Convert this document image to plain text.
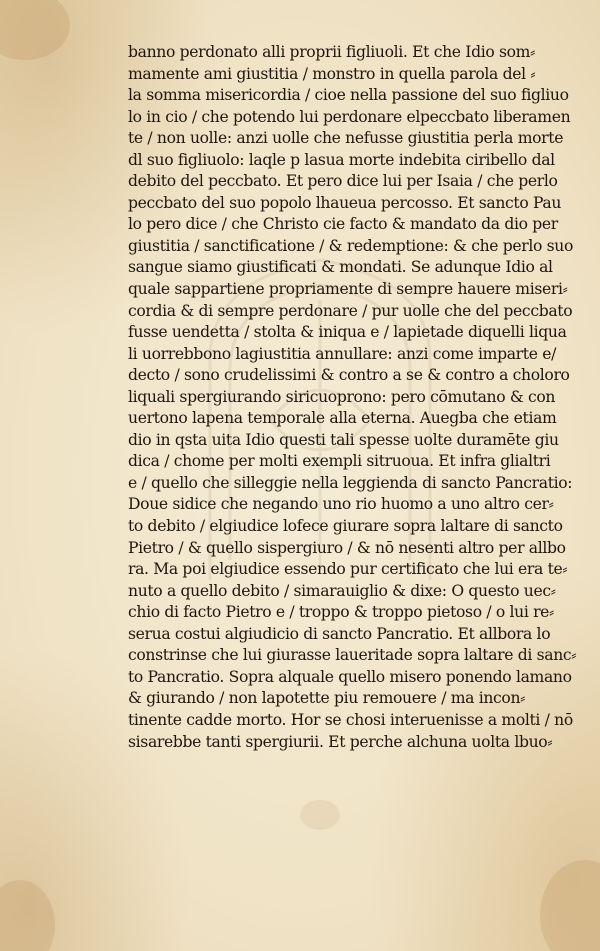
banno perdonato alli proprii figliuoli. Et che Idio som⸗
mamente ami giustitia / monstro in quella parola del ⸗
la somma misericordia / cioe nella passione del suo figliuo
lo in cio / che potendo lui perdonare elpeccbato liberamen
te / non uolle: anzi uolle che nefusse giustitia perla morte
dl suo figliuolo: laqle p lasua morte indebita ciribello dal
debito del peccbato. Et pero dice lui per Isaia / che perlo
peccbato del suo popolo lhaueua percosso. Et sancto Pau
lo pero dice / che Christo cie facto & mandato da dio per
giustitia / sanctificatione / & redemptione: & che perlo suo
sangue siamo giustificati & mondati. Se adunque Idio al
quale sappartiene propriamente di sempre hauere miseri⸗
cordia & di sempre perdonare / pur uolle che del peccbato
fusse uendetta / stolta & iniqua e / lapietade diquelli liqua
li uorrebbono lagiustitia annullare: anzi come imparte e/
decto / sono crudelissimi & contro a se & contro a choloro
liquali spergiurando siricuoprono: pero cōmutano & con
uertono lapena temporale alla eterna. Auegba che etiam
dio in qsta uita Idio questi tali spesse uolte duramēte giu
dica / chome per molti exempli sitruoua. Et infra glialtri
e / quello che silleggie nella leggienda di sancto Pancratio:
Doue sidice che negando uno rio huomo a uno altro cer⸗
to debito / elgiudice lofece giurare sopra laltare di sancto
Pietro / & quello sispergiuro / & nō nesenti altro per allbo
ra. Ma poi elgiudice essendo pur certificato che lui era te⸗
nuto a quello debito / simarauiglio & dixe: O questo uec⸗
chio di facto Pietro e / troppo & troppo pietoso / o lui re⸗
serua costui algiudicio di sancto Pancratio. Et allbora lo
constrinse che lui giurasse laueritade sopra laltare di sanc⸗
to Pancratio. Sopra alquale quello misero ponendo lamano
& giurando / non lapotette piu remouere / ma incon⸗
tinente cadde morto. Hor se chosi interuenisse a molti / nō
sisarebbe tanti spergiurii. Et perche alchuna uolta lbuo⸗
